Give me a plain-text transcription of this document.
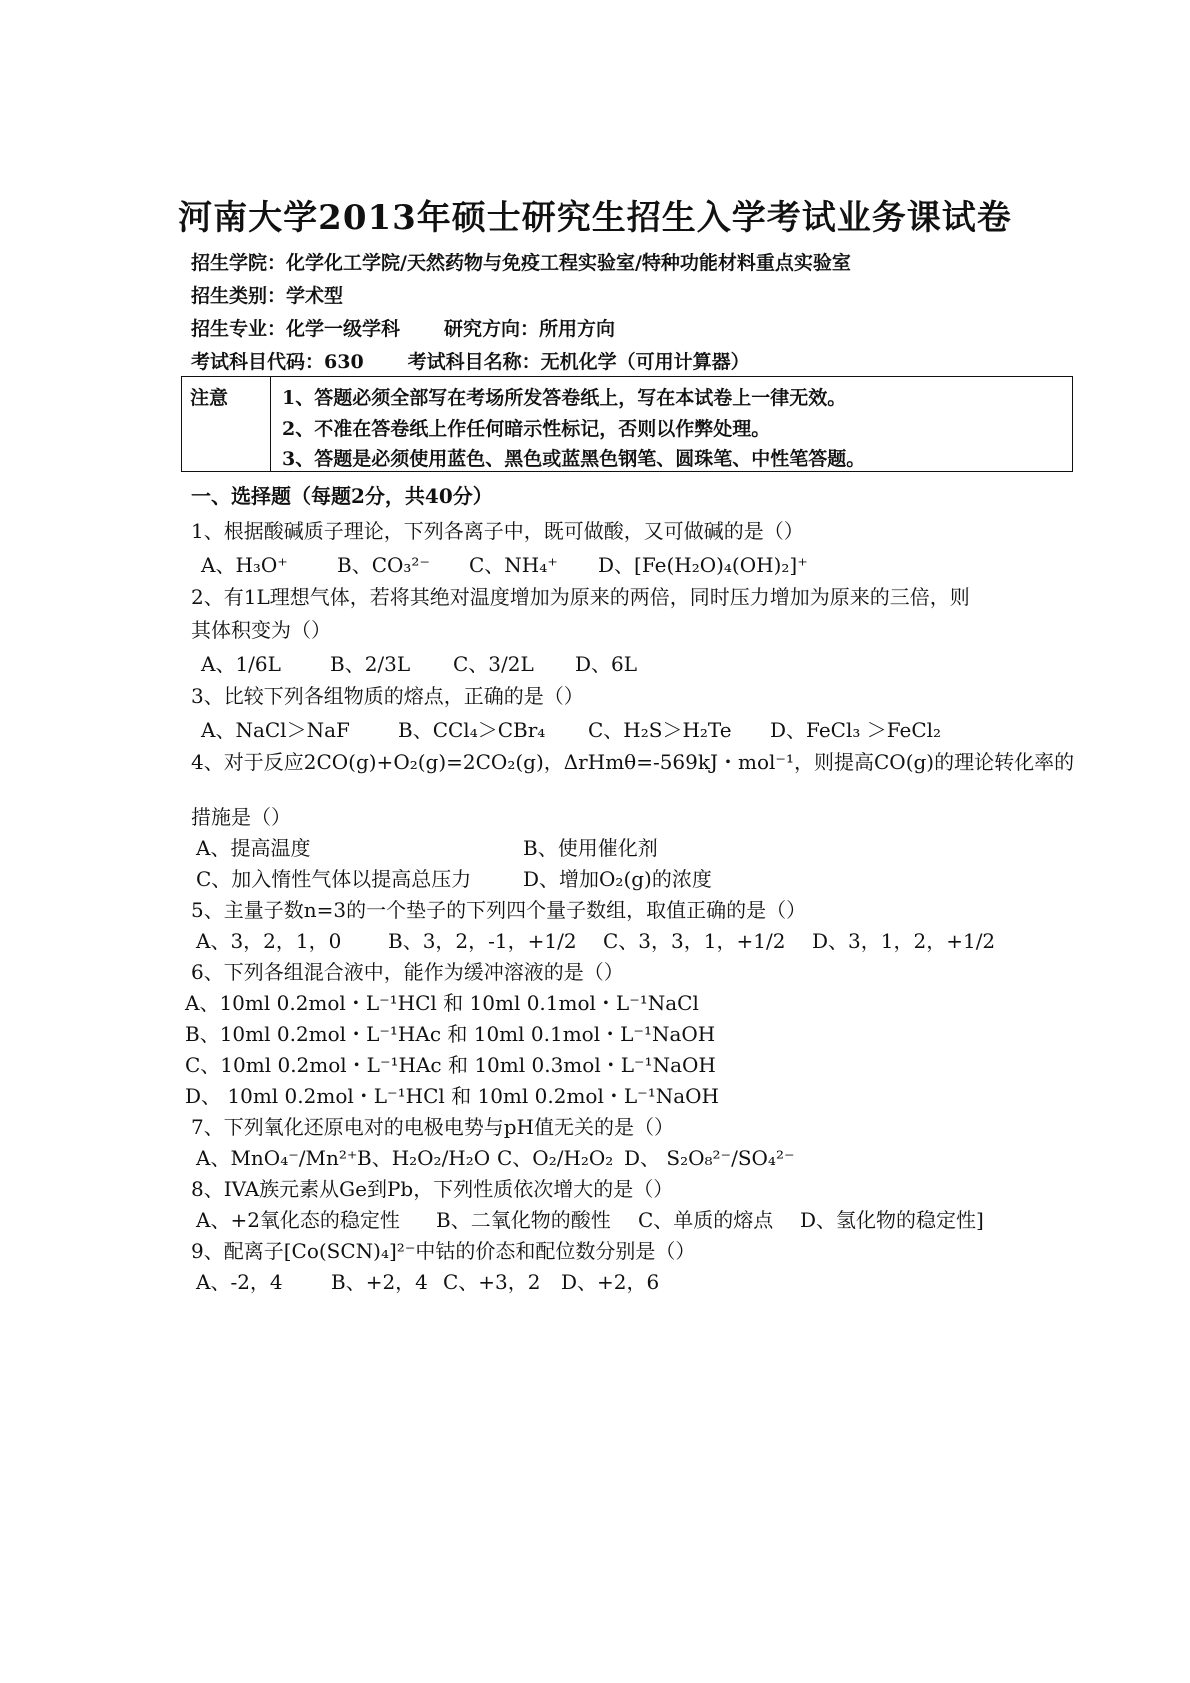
河南大学2013年硕士研究生招生入学考试业务课试卷
招生学院：化学化工学院/天然药物与免疫工程实验室/特种功能材料重点实验室
招生类别：学术型
招生专业：化学一级学科 研究方向：所用方向
考试科目代码：630 考试科目名称：无机化学（可用计算器）
注意	1、答题必须全部写在考场所发答卷纸上，写在本试卷上一律无效。
2、不准在答卷纸上作任何暗示性标记，否则以作弊处理。
3、答题是必须使用蓝色、黑色或蓝黑色钢笔、圆珠笔、中性笔答题。
一、选择题（每题2分，共40分）
1、根据酸碱质子理论，下列各离子中，既可做酸，又可做碱的是（）
A、H₃O⁺ B、CO₃²⁻ C、NH₄⁺ D、[Fe(H₂O)₄(OH)₂]⁺
2、有1L理想气体，若将其绝对温度增加为原来的两倍，同时压力增加为原来的三倍，则
其体积变为（）
A、1/6L B、2/3L C、3/2L D、6L
3、比较下列各组物质的熔点，正确的是（）
A、NaCl＞NaF B、CCl₄＞CBr₄ C、H₂S＞H₂Te D、FeCl₃ ＞FeCl₂
4、对于反应2CO(g)+O₂(g)=2CO₂(g)，ΔrHmθ=-569kJ・mol⁻¹，则提高CO(g)的理论转化率的
措施是（）
A、提高温度	B、使用催化剂
C、加入惰性气体以提高总压力	D、增加O₂(g)的浓度
5、主量子数n=3的一个垫子的下列四个量子数组，取值正确的是（）
A、3，2，1，0 B、3，2，-1，+1/2 C、3，3，1，+1/2 D、3，1，2，+1/2
6、下列各组混合液中，能作为缓冲溶液的是（）
A、10ml 0.2mol・L⁻¹HCl 和 10ml 0.1mol・L⁻¹NaCl
B、10ml 0.2mol・L⁻¹HAc 和 10ml 0.1mol・L⁻¹NaOH
C、10ml 0.2mol・L⁻¹HAc 和 10ml 0.3mol・L⁻¹NaOH
D、 10ml 0.2mol・L⁻¹HCl 和 10ml 0.2mol・L⁻¹NaOH
7、下列氧化还原电对的电极电势与pH值无关的是（）
A、MnO₄⁻/Mn²⁺ B、H₂O₂/H₂O C、O₂/H₂O₂ D、 S₂O₈²⁻/SO₄²⁻
8、IVA族元素从Ge到Pb，下列性质依次增大的是（）
A、+2氧化态的稳定性 B、二氧化物的酸性 C、单质的熔点 D、氢化物的稳定性]
9、配离子[Co(SCN)₄]²⁻中钴的价态和配位数分别是（）
A、-2，4 B、+2，4 C、+3，2 D、+2，6
